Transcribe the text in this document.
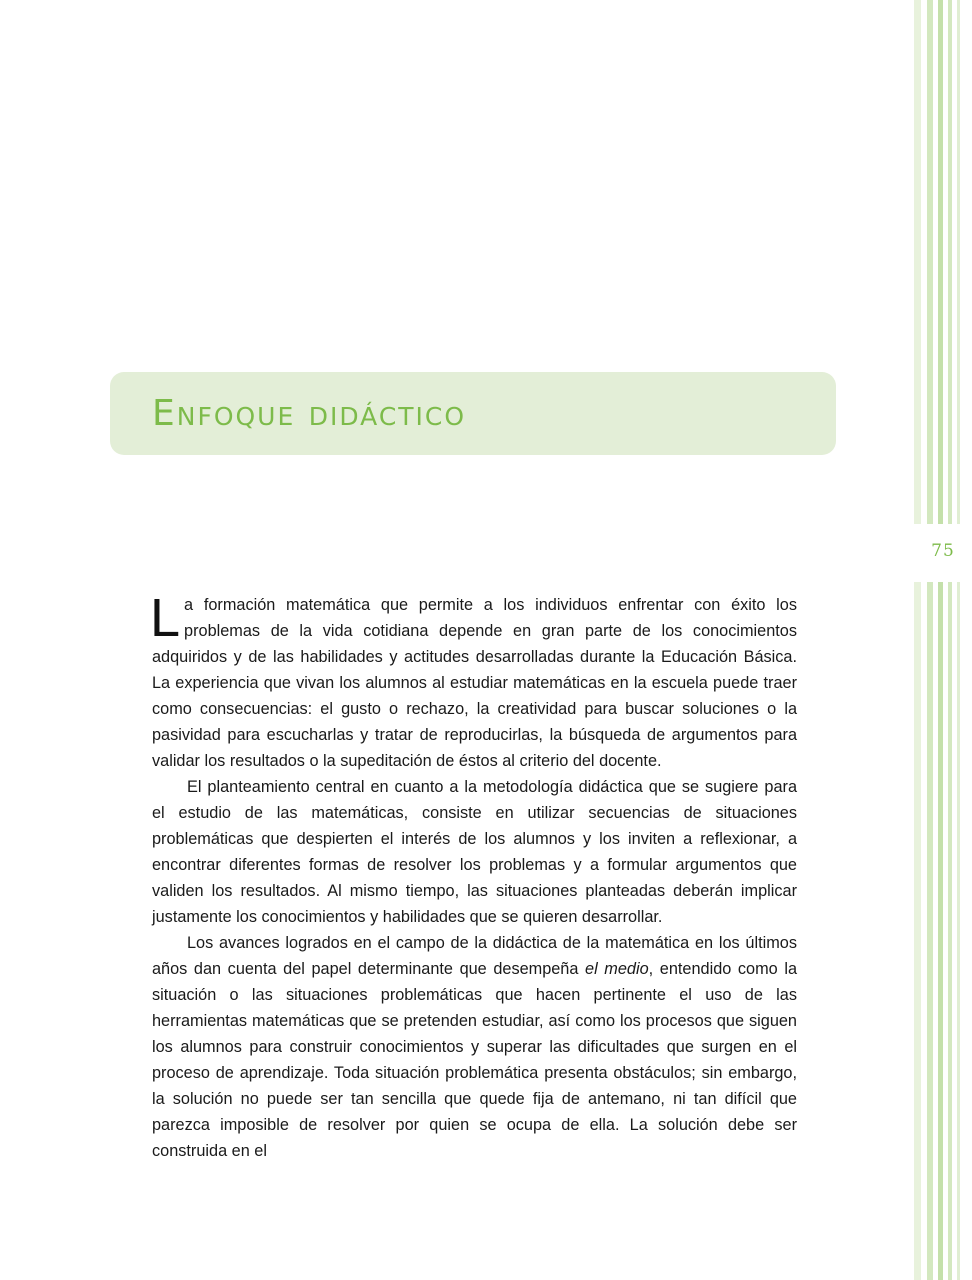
75
Enfoque didáctico

La formación matemática que permite a los individuos enfrentar con éxito los problemas de la vida cotidiana depende en gran parte de los conocimientos adquiridos y de las habilidades y actitudes desarrolladas durante la Educación Básica. La experiencia que vivan los alumnos al estudiar matemáticas en la escuela puede traer como consecuencias: el gusto o rechazo, la creatividad para buscar soluciones o la pasividad para escucharlas y tratar de reproducirlas, la búsqueda de argumentos para validar los resultados o la supeditación de éstos al criterio del docente.

El planteamiento central en cuanto a la metodología didáctica que se sugiere para el estudio de las matemáticas, consiste en utilizar secuencias de situaciones problemáticas que despierten el interés de los alumnos y los inviten a reflexionar, a encontrar diferentes formas de resolver los problemas y a formular argumentos que validen los resultados. Al mismo tiempo, las situaciones planteadas deberán implicar justamente los conocimientos y habilidades que se quieren desarrollar.

Los avances logrados en el campo de la didáctica de la matemática en los últimos años dan cuenta del papel determinante que desempeña el medio, entendido como la situación o las situaciones problemáticas que hacen pertinente el uso de las herramientas matemáticas que se pretenden estudiar, así como los procesos que siguen los alumnos para construir conocimientos y superar las dificultades que surgen en el proceso de aprendizaje. Toda situación problemática presenta obstáculos; sin embargo, la solución no puede ser tan sencilla que quede fija de antemano, ni tan difícil que parezca imposible de resolver por quien se ocupa de ella. La solución debe ser construida en el
